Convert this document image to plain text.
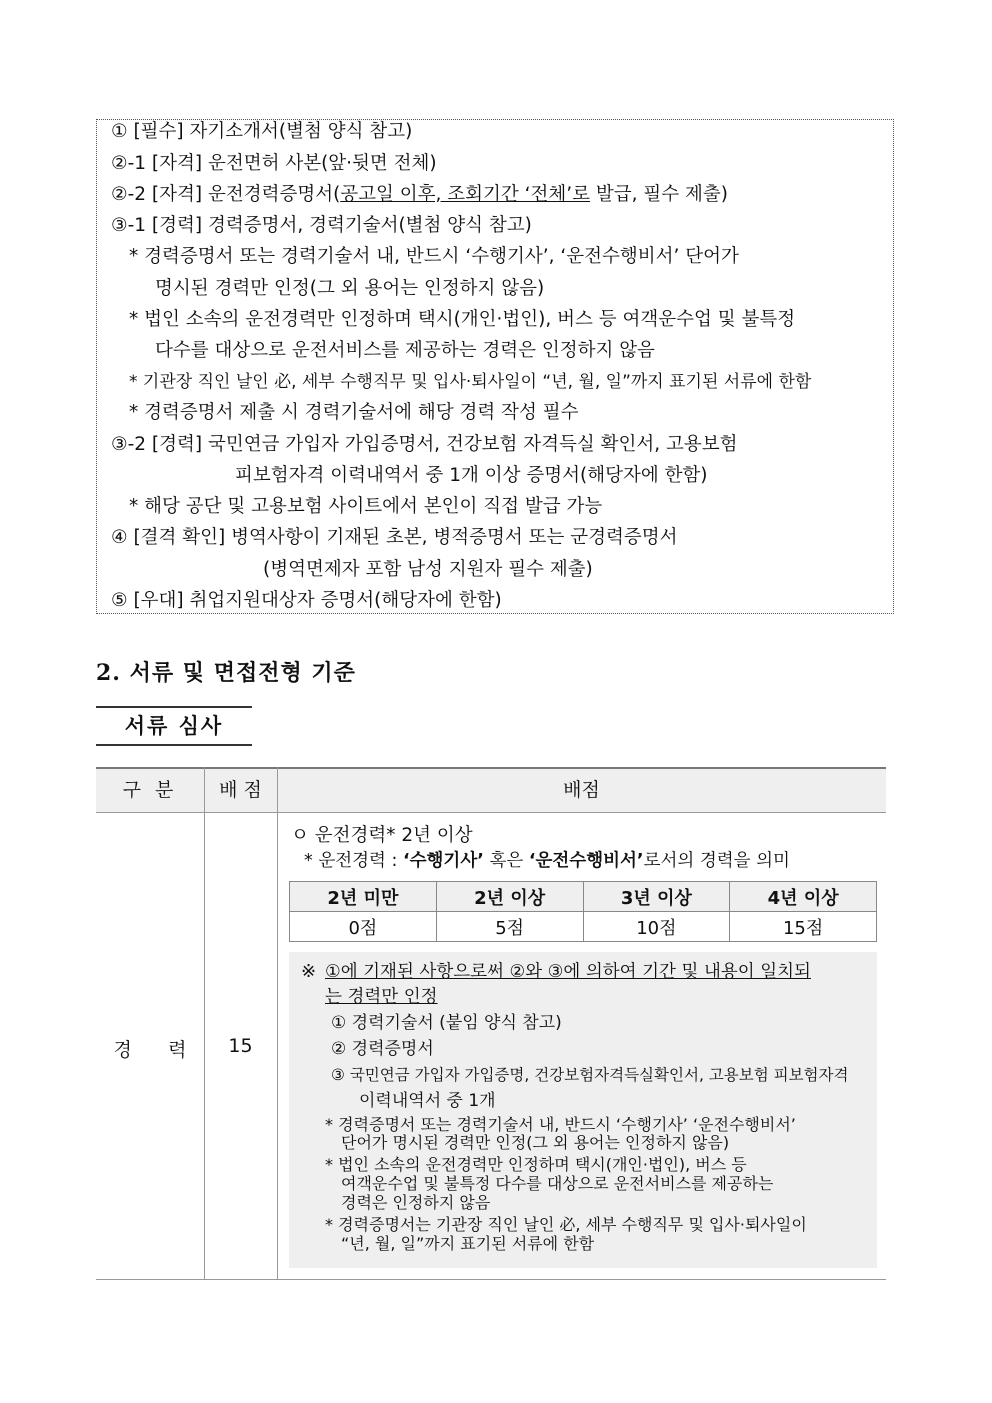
① [필수] 자기소개서(별첨 양식 참고)
②-1 [자격] 운전면허 사본(앞·뒷면 전체)
②-2 [자격] 운전경력증명서(공고일 이후, 조회기간 ‘전체’로 발급, 필수 제출)
③-1 [경력] 경력증명서, 경력기술서(별첨 양식 참고)
* 경력증명서 또는 경력기술서 내, 반드시 ‘수행기사’, ‘운전수행비서’ 단어가
명시된 경력만 인정(그 외 용어는 인정하지 않음)
* 법인 소속의 운전경력만 인정하며 택시(개인·법인), 버스 등 여객운수업 및 불특정
다수를 대상으로 운전서비스를 제공하는 경력은 인정하지 않음
* 기관장 직인 날인 必, 세부 수행직무 및 입사·퇴사일이 “년, 월, 일”까지 표기된 서류에 한함
* 경력증명서 제출 시 경력기술서에 해당 경력 작성 필수
③-2 [경력] 국민연금 가입자 가입증명서, 건강보험 자격득실 확인서, 고용보험
피보험자격 이력내역서 중 1개 이상 증명서(해당자에 한함)
* 해당 공단 및 고용보험 사이트에서 본인이 직접 발급 가능
④ [결격 확인] 병역사항이 기재된 초본, 병적증명서 또는 군경력증명서
(병역면제자 포함 남성 지원자 필수 제출)
⑤ [우대] 취업지원대상자 증명서(해당자에 한함)
2. 서류 및 면접전형 기준
서류 심사
구 분	배 점	배점
경      력	15
ㅇ 운전경력* 2년 이상
* 운전경력 : ‘수행기사’ 혹은 ‘운전수행비서’로서의 경력을 의미
2년 미만	2년 이상	3년 이상	4년 이상
0점	5점	10점	15점
※ ①에 기재된 사항으로써 ②와 ③에 의하여 기간 및 내용이 일치되
는 경력만 인정
① 경력기술서 (붙임 양식 참고)
② 경력증명서
③ 국민연금 가입자 가입증명, 건강보험자격득실확인서, 고용보험 피보험자격
이력내역서 중 1개
* 경력증명서 또는 경력기술서 내, 반드시 ‘수행기사’ ‘운전수행비서’
단어가 명시된 경력만 인정(그 외 용어는 인정하지 않음)
* 법인 소속의 운전경력만 인정하며 택시(개인·법인), 버스 등
여객운수업 및 불특정 다수를 대상으로 운전서비스를 제공하는
경력은 인정하지 않음
* 경력증명서는 기관장 직인 날인 必, 세부 수행직무 및 입사·퇴사일이
“년, 월, 일”까지 표기된 서류에 한함
